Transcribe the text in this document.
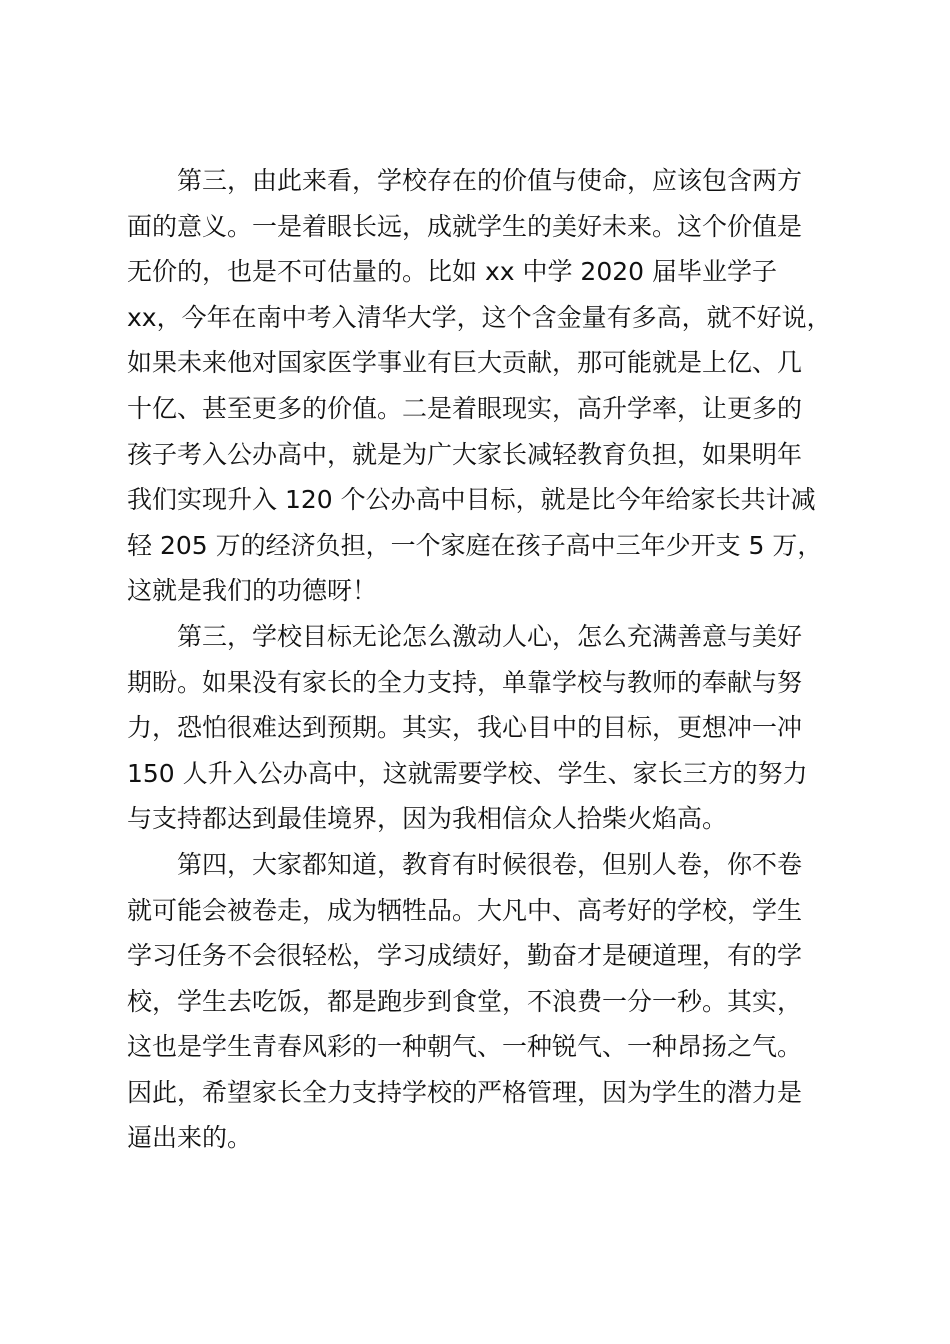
第三，由此来看，学校存在的价值与使命，应该包含两方
面的意义。一是着眼长远，成就学生的美好未来。这个价值是
无价的，也是不可估量的。比如 xx 中学 2020 届毕业学子
xx，今年在南中考入清华大学，这个含金量有多高，就不好说，
如果未来他对国家医学事业有巨大贡献，那可能就是上亿、几
十亿、甚至更多的价值。二是着眼现实，高升学率，让更多的
孩子考入公办高中，就是为广大家长减轻教育负担，如果明年
我们实现升入 120 个公办高中目标，就是比今年给家长共计减
轻 205 万的经济负担，一个家庭在孩子高中三年少开支 5 万，
这就是我们的功德呀！

第三，学校目标无论怎么激动人心，怎么充满善意与美好
期盼。如果没有家长的全力支持，单靠学校与教师的奉献与努
力，恐怕很难达到预期。其实，我心目中的目标，更想冲一冲
150 人升入公办高中，这就需要学校、学生、家长三方的努力
与支持都达到最佳境界，因为我相信众人拾柴火焰高。

第四，大家都知道，教育有时候很卷，但别人卷，你不卷
就可能会被卷走，成为牺牲品。大凡中、高考好的学校，学生
学习任务不会很轻松，学习成绩好，勤奋才是硬道理，有的学
校，学生去吃饭，都是跑步到食堂，不浪费一分一秒。其实，
这也是学生青春风彩的一种朝气、一种锐气、一种昂扬之气。
因此，希望家长全力支持学校的严格管理，因为学生的潜力是
逼出来的。
